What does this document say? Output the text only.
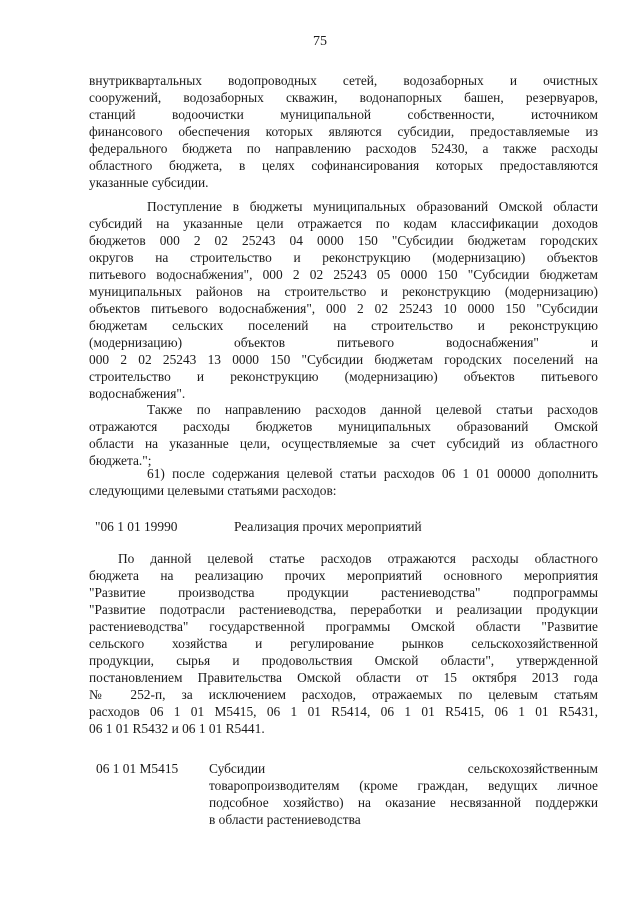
75
внутриквартальных водопроводных сетей, водозаборных и очистных
сооружений, водозаборных скважин, водонапорных башен, резервуаров,
станций водоочистки муниципальной собственности, источником
финансового обеспечения которых являются субсидии, предоставляемые из
федерального бюджета по направлению расходов 52430, а также расходы
областного бюджета, в целях софинансирования которых предоставляются
указанные субсидии.
Поступление в бюджеты муниципальных образований Омской области
субсидий на указанные цели отражается по кодам классификации доходов
бюджетов 000 2 02 25243 04 0000 150 "Субсидии бюджетам городских
округов на строительство и реконструкцию (модернизацию) объектов
питьевого водоснабжения", 000 2 02 25243 05 0000 150 "Субсидии бюджетам
муниципальных районов на строительство и реконструкцию (модернизацию)
объектов питьевого водоснабжения", 000 2 02 25243 10 0000 150 "Субсидии
бюджетам сельских поселений на строительство и реконструкцию
(модернизацию) объектов питьевого водоснабжения" и
000 2 02 25243 13 0000 150 "Субсидии бюджетам городских поселений на
строительство и реконструкцию (модернизацию) объектов питьевого
водоснабжения".
Также по направлению расходов данной целевой статьи расходов
отражаются расходы бюджетов муниципальных образований Омской
области на указанные цели, осуществляемые за счет субсидий из областного
бюджета.";
61) после содержания целевой статьи расходов 06 1 01 00000 дополнить
следующими целевыми статьями расходов:
"06 1 01 19990	Реализация прочих мероприятий
По данной целевой статье расходов отражаются расходы областного
бюджета на реализацию прочих мероприятий основного мероприятия
"Развитие производства продукции растениеводства" подпрограммы
"Развитие подотрасли растениеводства, переработки и реализации продукции
растениеводства" государственной программы Омской области "Развитие
сельского хозяйства и регулирование рынков сельскохозяйственной
продукции, сырья и продовольствия Омской области", утвержденной
постановлением Правительства Омской области от 15 октября 2013 года
№ 252-п, за исключением расходов, отражаемых по целевым статьям
расходов 06 1 01 M5415, 06 1 01 R5414, 06 1 01 R5415, 06 1 01 R5431,
06 1 01 R5432 и 06 1 01 R5441.
06 1 01 M5415 Субсидии сельскохозяйственным
товаропроизводителям (кроме граждан, ведущих личное
подсобное хозяйство) на оказание несвязанной поддержки
в области растениеводства
